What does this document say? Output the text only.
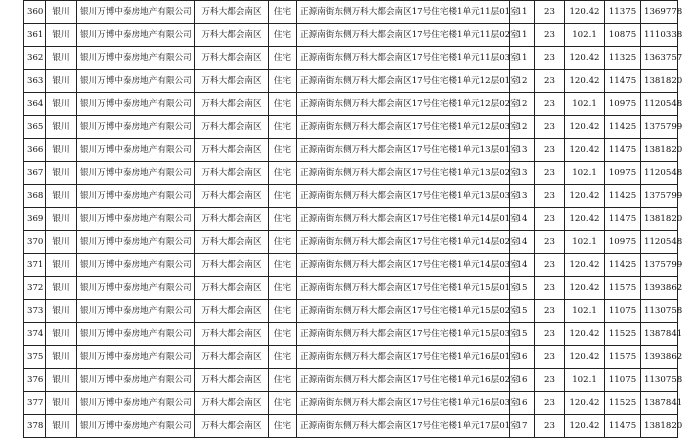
360	银川	银川万博中泰房地产有限公司	万科大都会南区	住宅	正源南街东侧万科大都会南区17号住宅楼1单元11层01室	11	23	120.42	11375	1369778
361	银川	银川万博中泰房地产有限公司	万科大都会南区	住宅	正源南街东侧万科大都会南区17号住宅楼1单元11层02室	11	23	102.1	10875	1110338
362	银川	银川万博中泰房地产有限公司	万科大都会南区	住宅	正源南街东侧万科大都会南区17号住宅楼1单元11层03室	11	23	120.42	11325	1363757
363	银川	银川万博中泰房地产有限公司	万科大都会南区	住宅	正源南街东侧万科大都会南区17号住宅楼1单元12层01室	12	23	120.42	11475	1381820
364	银川	银川万博中泰房地产有限公司	万科大都会南区	住宅	正源南街东侧万科大都会南区17号住宅楼1单元12层02室	12	23	102.1	10975	1120548
365	银川	银川万博中泰房地产有限公司	万科大都会南区	住宅	正源南街东侧万科大都会南区17号住宅楼1单元12层03室	12	23	120.42	11425	1375799
366	银川	银川万博中泰房地产有限公司	万科大都会南区	住宅	正源南街东侧万科大都会南区17号住宅楼1单元13层01室	13	23	120.42	11475	1381820
367	银川	银川万博中泰房地产有限公司	万科大都会南区	住宅	正源南街东侧万科大都会南区17号住宅楼1单元13层02室	13	23	102.1	10975	1120548
368	银川	银川万博中泰房地产有限公司	万科大都会南区	住宅	正源南街东侧万科大都会南区17号住宅楼1单元13层03室	13	23	120.42	11425	1375799
369	银川	银川万博中泰房地产有限公司	万科大都会南区	住宅	正源南街东侧万科大都会南区17号住宅楼1单元14层01室	14	23	120.42	11475	1381820
370	银川	银川万博中泰房地产有限公司	万科大都会南区	住宅	正源南街东侧万科大都会南区17号住宅楼1单元14层02室	14	23	102.1	10975	1120548
371	银川	银川万博中泰房地产有限公司	万科大都会南区	住宅	正源南街东侧万科大都会南区17号住宅楼1单元14层03室	14	23	120.42	11425	1375799
372	银川	银川万博中泰房地产有限公司	万科大都会南区	住宅	正源南街东侧万科大都会南区17号住宅楼1单元15层01室	15	23	120.42	11575	1393862
373	银川	银川万博中泰房地产有限公司	万科大都会南区	住宅	正源南街东侧万科大都会南区17号住宅楼1单元15层02室	15	23	102.1	11075	1130758
374	银川	银川万博中泰房地产有限公司	万科大都会南区	住宅	正源南街东侧万科大都会南区17号住宅楼1单元15层03室	15	23	120.42	11525	1387841
375	银川	银川万博中泰房地产有限公司	万科大都会南区	住宅	正源南街东侧万科大都会南区17号住宅楼1单元16层01室	16	23	120.42	11575	1393862
376	银川	银川万博中泰房地产有限公司	万科大都会南区	住宅	正源南街东侧万科大都会南区17号住宅楼1单元16层02室	16	23	102.1	11075	1130758
377	银川	银川万博中泰房地产有限公司	万科大都会南区	住宅	正源南街东侧万科大都会南区17号住宅楼1单元16层03室	16	23	120.42	11525	1387841
378	银川	银川万博中泰房地产有限公司	万科大都会南区	住宅	正源南街东侧万科大都会南区17号住宅楼1单元17层01室	17	23	120.42	11475	1381820
